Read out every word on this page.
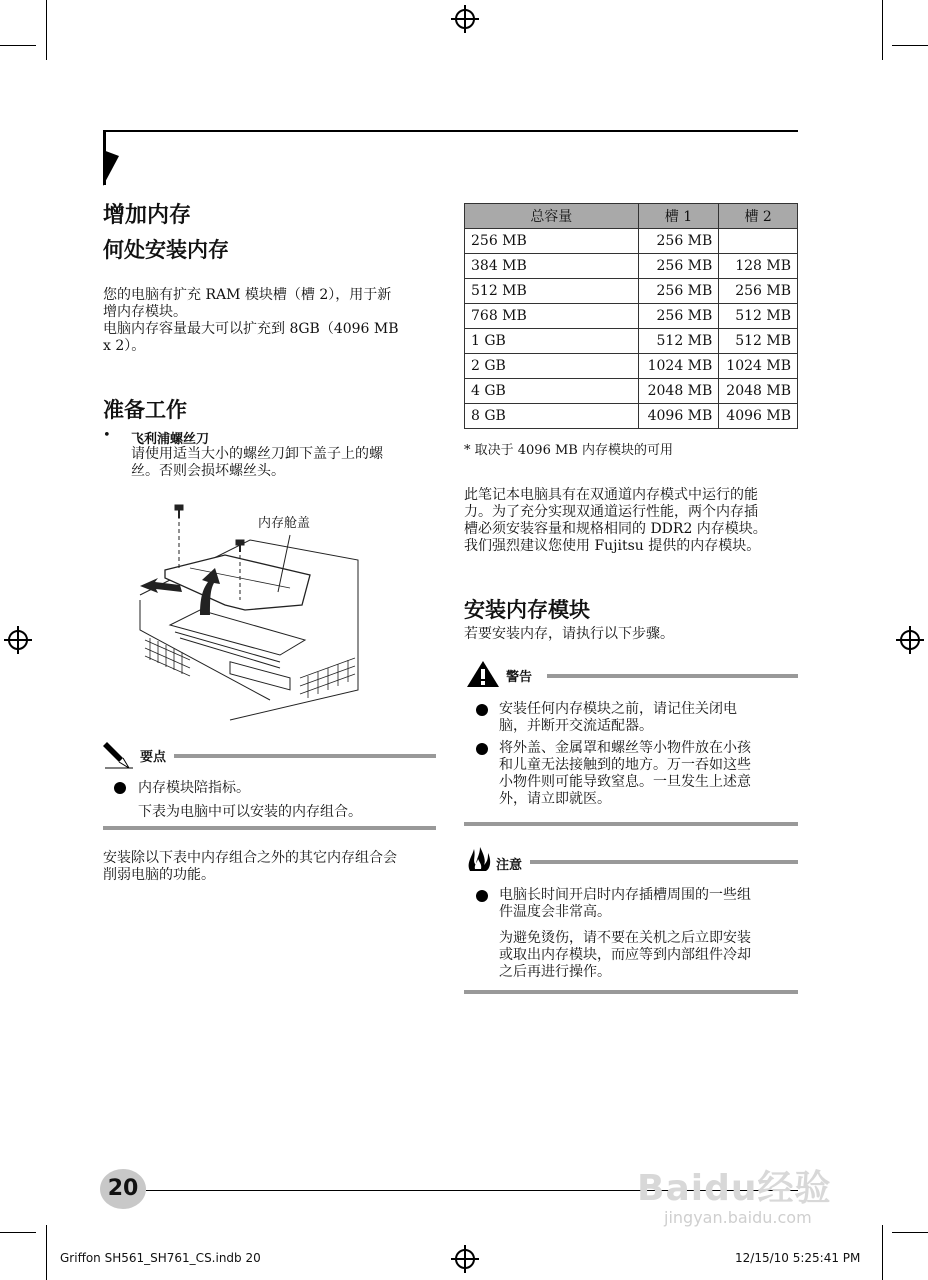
增加内存
何处安装内存
您的电脑有扩充 RAM 模块槽（槽 2），用于新
增内存模块。
电脑内存容量最大可以扩充到 8GB（4096 MB
x 2）。
准备工作
• 飞利浦螺丝刀
请使用适当大小的螺丝刀卸下盖子上的螺
丝。否则会损坏螺丝头。
内存舱盖
要点
内存模块陪指标。
下表为电脑中可以安装的内存组合。
安装除以下表中内存组合之外的其它内存组合会
削弱电脑的功能。
总容量	槽 1	槽 2
256 MB	256 MB	
384 MB	256 MB	128 MB
512 MB	256 MB	256 MB
768 MB	256 MB	512 MB
1 GB	512 MB	512 MB
2 GB	1024 MB	1024 MB
4 GB	2048 MB	2048 MB
8 GB	4096 MB	4096 MB
* 取决于 4096 MB 内存模块的可用
此笔记本电脑具有在双通道内存模式中运行的能
力。为了充分实现双通道运行性能，两个内存插
槽必须安装容量和规格相同的 DDR2 内存模块。
我们强烈建议您使用 Fujitsu 提供的内存模块。
安装内存模块
若要安装内存，请执行以下步骤。
警告
安装任何内存模块之前，请记住关闭电
脑，并断开交流适配器。
将外盖、金属罩和螺丝等小物件放在小孩
和儿童无法接触到的地方。万一吞如这些
小物件则可能导致窒息。一旦发生上述意
外，请立即就医。
注意
电脑长时间开启时内存插槽周围的一些组
件温度会非常高。
为避免烫伤，请不要在关机之后立即安装
或取出内存模块，而应等到内部组件冷却
之后再进行操作。
20	Baidu经验
jingyan.baidu.com
Griffon SH561_SH761_CS.indb 20	12/15/10 5:25:41 PM
